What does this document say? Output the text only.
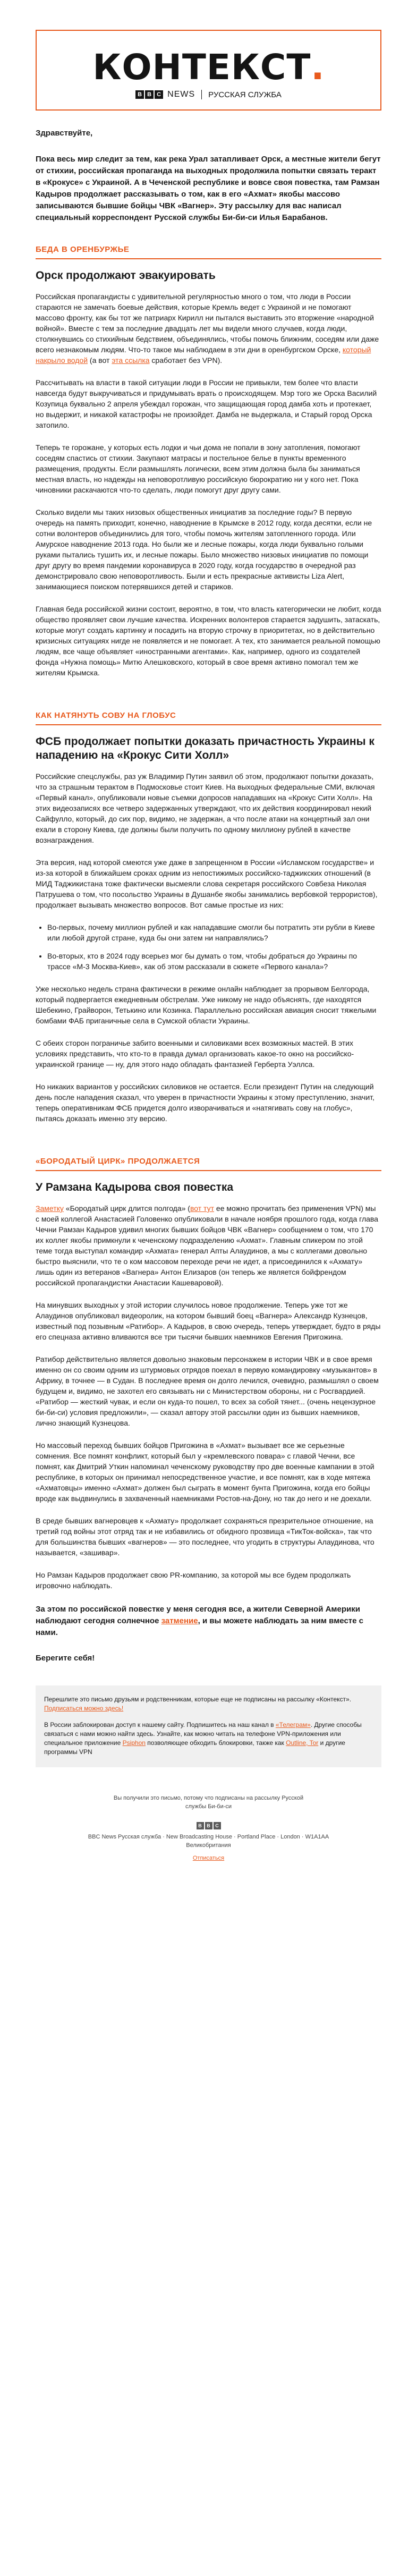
КОНТЕКСТ.
B B C NEWS РУССКАЯ СЛУЖБА
Здравствуйте,

Пока весь мир следит за тем, как река Урал затапливает Орск, а местные жители бегут от стихии, российская пропаганда на выходных продолжила попытки связать теракт в «Крокусе» с Украиной. А в Чеченской республике и вовсе своя повестка, там Рамзан Кадыров продолжает рассказывать о том, как в его «Ахмат» якобы массово записываются бывшие бойцы ЧВК «Вагнер». Эту рассылку для вас написал специальный корреспондент Русской службы Би-би-си Илья Барабанов.

БЕДА В ОРЕНБУРЖЬЕ
Орск продолжают эвакуировать

Российская пропагандисты с удивительной регулярностью много о том, что люди в России стараются не замечать боевые действия, которые Кремль ведет с Украиной и не помогают массово фронту, как бы тот же патриарх Кирилл ни пытался выставить это вторжение «народной войной». Вместе с тем за последние двадцать лет мы видели много случаев, когда люди, столкнувшись со стихийным бедствием, объединялись, чтобы помочь ближним, соседям или даже всего незнакомым людям. Что-то такое мы наблюдаем в эти дни в оренбургском Орске, который накрыло водой (а вот эта ссылка сработает без VPN).

Рассчитывать на власти в такой ситуации люди в России не привыкли, тем более что власти навсегда будут выкручиваться и придумывать врать о происходящем. Мэр того же Орска Василий Козупица буквально 2 апреля убеждал горожан, что защищающая город дамба хоть и протекает, но выдержит, и никакой катастрофы не произойдет. Дамба не выдержала, и Старый город Орска затопило.

Теперь те горожане, у которых есть лодки и чьи дома не попали в зону затопления, помогают соседям спастись от стихии. Закупают матрасы и постельное белье в пункты временного размещения, продукты. Если размышлять логически, всем этим должна была бы заниматься местная власть, но надежды на неповоротливую российскую бюрократию ни у кого нет. Пока чиновники раскачаются что-то сделать, люди помогут друг другу сами.

Сколько видели мы таких низовых общественных инициатив за последние годы? В первую очередь на память приходит, конечно, наводнение в Крымске в 2012 году, когда десятки, если не сотни волонтеров объединились для того, чтобы помочь жителям затопленного города. Или Амурское наводнение 2013 года. Но были же и лесные пожары, когда люди буквально голыми руками пытались тушить их, и лесные пожары. Было множество низовых инициатив по помощи друг другу во время пандемии коронавируса в 2020 году, когда государство в очередной раз демонстрировало свою неповоротливость. Были и есть прекрасные активисты Liza Alert, занимающиеся поиском потерявшихся детей и стариков.

Главная беда российской жизни состоит, вероятно, в том, что власть категорически не любит, когда общество проявляет свои лучшие качества. Искренних волонтеров старается задушить, затаскать, которые могут создать картинку и посадить на вторую строчку в приоритетах, но в действительно кризисных ситуациях нигде не появляется и не помогает. А тех, кто занимается реальной помощью людям, все чаще объявляет «иностранными агентами». Как, например, одного из создателей фонда «Нужна помощь» Митю Алешковского, который в свое время активно помогал тем же жителям Крымска.

КАК НАТЯНУТЬ СОВУ НА ГЛОБУС
ФСБ продолжает попытки доказать причастность Украины к нападению на «Крокус Сити Холл»

Российские спецслужбы, раз уж Владимир Путин заявил об этом, продолжают попытки доказать, что за страшным терактом в Подмосковье стоит Киев. На выходных федеральные СМИ, включая «Первый канал», опубликовали новые съемки допросов нападавших на «Крокус Сити Холл». На этих видеозаписях все четверо задержанных утверждают, что их действия координировал некий Сайфулло, который, до сих пор, видимо, не задержан, а что после атаки на концертный зал они ехали в сторону Киева, где должны были получить по одному миллиону рублей в качестве вознаграждения.

Эта версия, над которой смеются уже даже в запрещенном в России «Исламском государстве» и из-за которой в ближайшем сроках одним из непостижимых российско-таджикских отношений (в МИД Таджикистана тоже фактически высмеяли слова секретаря российского Совбеза Николая Патрушева о том, что посольство Украины в Душанбе якобы занимались вербовкой террористов), продолжает вызывать множество вопросов. Вот самые простые из них:

• Во-первых, почему миллион рублей и как нападавшие смогли бы потратить эти рубли в Киеве или любой другой стране, куда бы они затем ни направлялись?
• Во-вторых, кто в 2024 году всерьез мог бы думать о том, чтобы добраться до Украины по трассе «М-3 Москва-Киев», как об этом рассказали в сюжете «Первого канала»?

Уже несколько недель страна фактически в режиме онлайн наблюдает за прорывом Белгорода, который подвергается ежедневным обстрелам. Уже никому не надо объяснять, где находятся Шебекино, Грайворон, Тетькино или Козинка. Параллельно российская авиация сносит тяжелыми бомбами ФАБ приганичные села в Сумской области Украины.

С обеих сторон пограничье забито военными и силовиками всех возможных мастей. В этих условиях представить, что кто-то в правда думал организовать какое-то окно на российско-украинской границе — ну, для этого надо обладать фантазией Герберта Уэллса.

Но никаких вариантов у российских силовиков не остается. Если президент Путин на следующий день после нападения сказал, что уверен в причастности Украины к этому преступлению, значит, теперь оперативникам ФСБ придется долго изворачиваться и «натягивать сову на глобус», пытаясь доказать именно эту версию.

«БОРОДАТЫЙ ЦИРК» ПРОДОЛЖАЕТСЯ
У Рамзана Кадырова своя повестка

Заметку «Бородатый цирк длится полгода» (вот тут ее можно прочитать без применения VPN) мы с моей коллегой Анастасией Головенко опубликовали в начале ноября прошлого года, когда глава Чечни Рамзан Кадыров удивил многих бывших бойцов ЧВК «Вагнер» сообщением о том, что 170 их коллег якобы примкнули к чеченскому подразделению «Ахмат». Главным спикером по этой теме тогда выступал командир «Ахмата» генерал Апты Алаудинов, а мы с коллегами довольно быстро выяснили, что те о ком массовом переходе речи не идет, а присоединился к «Ахмату» лишь один из ветеранов «Вагнера» Антон Елизаров (он теперь же является бойфрендом российской пропагандистки Анастасии Кашеваровой).

На минувших выходных у этой истории случилось новое продолжение. Теперь уже тот же Алаудинов опубликовал видеоролик, на котором бывший боец «Вагнера» Александр Кузнецов, известный под позывным «Ратибор». А Кадыров, в свою очередь, теперь утверждает, будто в ряды его спецназа активно вливаются все три тысячи бывших наемников Евгения Пригожина.

Ратибор действительно является довольно знаковым персонажем в истории ЧВК и в свое время именно он со своим одним из штурмовых отрядов поехал в первую командировку «музыкантов» в Африку, в точнее — в Судан. В последнее время он долго лечился, очевидно, размышлял о своем будущем и, видимо, не захотел его связывать ни с Министерством обороны, ни с Росгвардией. «Ратибор — жесткий чувак, и если он куда-то пошел, то всех за собой тянет... (очень нецензурное би-би-си) условия предложили», — сказал автору этой рассылки один из бывших наемников, лично знающий Кузнецова.

Но массовый переход бывших бойцов Пригожина в «Ахмат» вызывает все же серьезные сомнения. Все помнят конфликт, который был у «кремлевского повара» с главой Чечни, все помнят, как Дмитрий Уткин напоминал чеченскому руководству про две военные кампании в этой республике, в которых он принимал непосредственное участие, и все помнят, как в ходе мятежа «Ахматовцы» именно «Ахмат» должен был сыграть в момент бунта Пригожина, когда его бойцы вроде как выдвинулись в захваченный наемниками Ростов-на-Дону, но так до него и не доехали.

В среде бывших вагнеровцев к «Ахмату» продолжает сохраняться презрительное отношение, на третий год войны этот отряд так и не избавились от обидного прозвища «ТикТок-войска», так что для большинства бывших «вагнеров» — это последнее, что угодить в структуры Алаудинова, что называется, «зашивар».

Но Рамзан Кадыров продолжает свою PR-компанию, за которой мы все будем продолжать игровочно наблюдать.

За этом по российской повестке у меня сегодня все, а жители Северной Америки наблюдают сегодня солнечное затмение, и вы можете наблюдать за ним вместе с нами.
Берегите себя!

Перешлите это письмо друзьям и родственникам, которые еще не подписаны на рассылку «Контекст». Подписаться можно здесь!

В России заблокирован доступ к нашему сайту. Подпишитесь на наш канал в «Телеграм». Другие способы связаться с нами можно найти здесь. Узнайте, как можно читать на телефоне VPN-приложения или специальное приложение Psiphon позволяющее обходить блокировки, также как Outline, Tor и другие программы VPN

Вы получили это письмо, потому что подписаны на рассылку Русской
службы Би-би-си
B	B	C
BBC News Русская служба · New Broadcasting House · Portland Place · London · W1A1AA
Великобритания
Отписаться
